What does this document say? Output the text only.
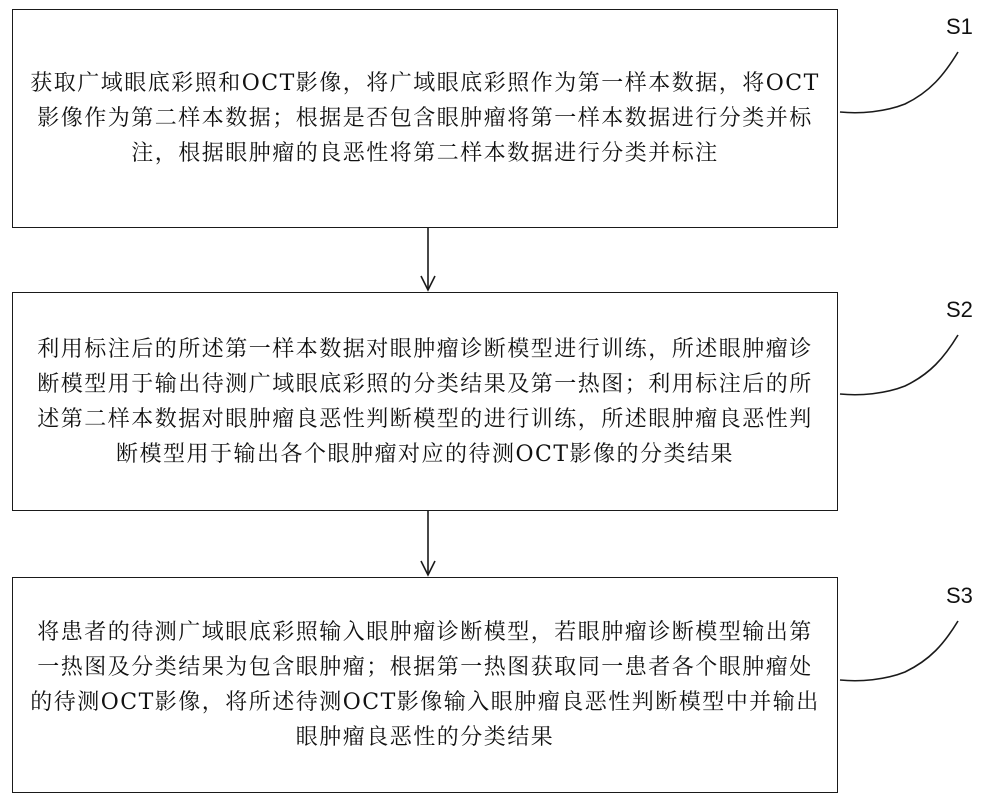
获取广域眼底彩照和OCT影像，将广域眼底彩照作为第一样本数据，将OCT影像作为第二样本数据；根据是否包含眼肿瘤将第一样本数据进行分类并标注，根据眼肿瘤的良恶性将第二样本数据进行分类并标注
利用标注后的所述第一样本数据对眼肿瘤诊断模型进行训练，所述眼肿瘤诊断模型用于输出待测广域眼底彩照的分类结果及第一热图；利用标注后的所述第二样本数据对眼肿瘤良恶性判断模型的进行训练，所述眼肿瘤良恶性判断模型用于输出各个眼肿瘤对应的待测OCT影像的分类结果
将患者的待测广域眼底彩照输入眼肿瘤诊断模型，若眼肿瘤诊断模型输出第一热图及分类结果为包含眼肿瘤；根据第一热图获取同一患者各个眼肿瘤处的待测OCT影像，将所述待测OCT影像输入眼肿瘤良恶性判断模型中并输出眼肿瘤良恶性的分类结果
S1
S2
S3
